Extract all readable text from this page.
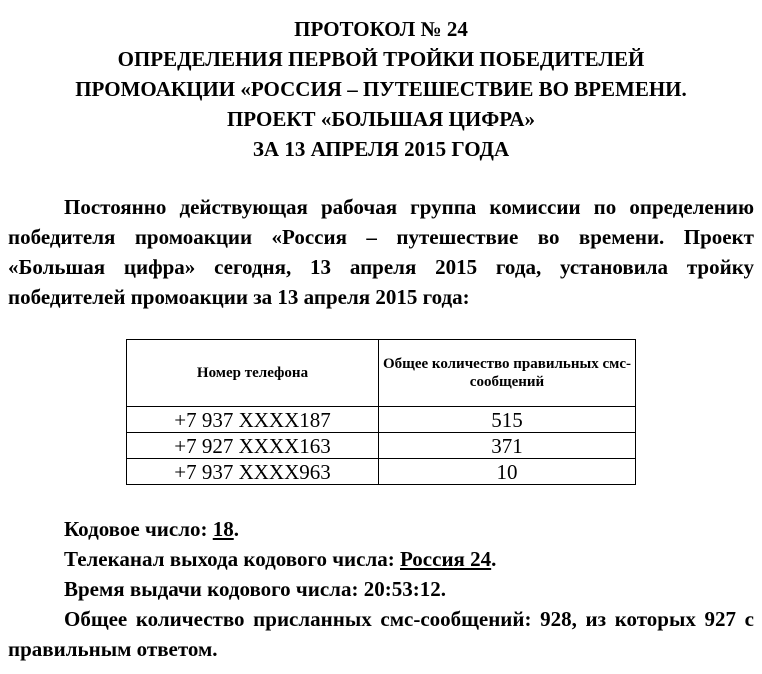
ПРОТОКОЛ № 24
ОПРЕДЕЛЕНИЯ ПЕРВОЙ ТРОЙКИ ПОБЕДИТЕЛЕЙ
ПРОМОАКЦИИ «РОССИЯ – ПУТЕШЕСТВИЕ ВО ВРЕМЕНИ.
ПРОЕКТ «БОЛЬШАЯ ЦИФРА»
ЗА 13 АПРЕЛЯ 2015 ГОДА
Постоянно действующая рабочая группа комиссии по определению победителя промоакции «Россия – путешествие во времени. Проект «Большая цифра» сегодня, 13 апреля 2015 года, установила тройку победителей промоакции за 13 апреля 2015 года:
Номер телефона	Общее количество правильных смс-сообщений
+7 937 XXXX187	515
+7 927 XXXX163	371
+7 937 XXXX963	10
Кодовое число: 18.
Телеканал выхода кодового числа: Россия 24.
Время выдачи кодового числа: 20:53:12.
Общее количество присланных смс-сообщений: 928, из которых 927 с правильным ответом.
